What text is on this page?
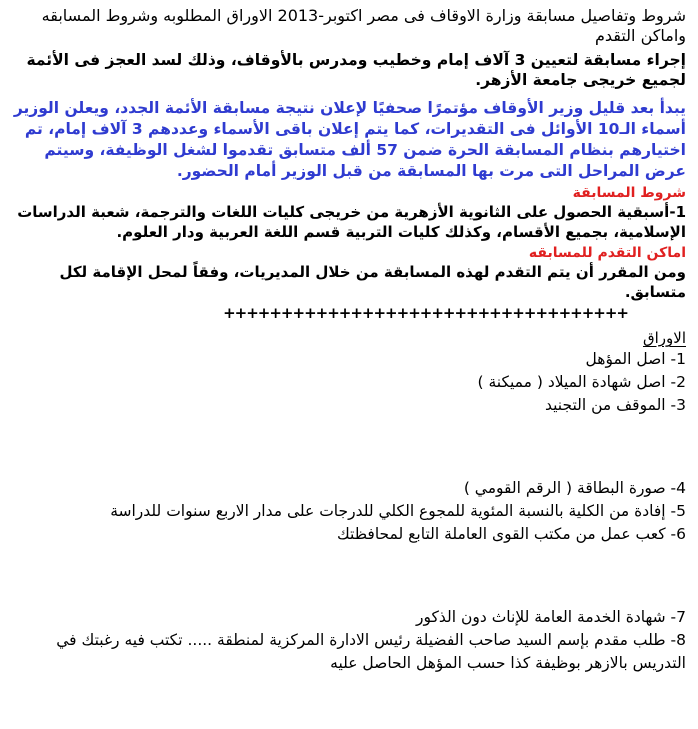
شروط وتفاصيل مسابقة وزارة الاوقاف فى مصر اكتوبر-2013 الاوراق المطلوبه وشروط المسابقه واماكن التقدم

إجراء مسابقة لتعيين 3 آلاف إمام وخطيب ومدرس بالأوقاف، وذلك لسد العجز فى الأئمة لجميع خريجى جامعة الأزهر.

يبدأ بعد قليل وزير الأوقاف مؤتمرًا صحفيًا لإعلان نتيجة مسابقة الأئمة الجدد، ويعلن الوزير أسماء الـ10 الأوائل فى التقديرات، كما يتم إعلان باقى الأسماء وعددهم 3 آلاف إمام، تم اختيارهم بنظام المسابقة الحرة ضمن 57 ألف متسابق تقدموا لشغل الوظيفة، وسيتم عرض المراحل التى مرت بها المسابقة من قبل الوزير أمام الحضور.

شروط المسابقة

1-أسبقية الحصول على الثانوية الأزهرية من خريجى كليات اللغات والترجمة، شعبة الدراسات الإسلامية، بجميع الأقسام، وكذلك كليات التربية قسم اللغة العربية ودار العلوم.

اماكن التقدم للمسابقه

ومن المقرر أن يتم التقدم لهذه المسابقة من خلال المديريات، وفقاً لمحل الإقامة لكل متسابق.

+++++++++++++++++++++++++++++++++++

الاوراق

1- اصل المؤهل

2- اصل شهادة الميلاد ( مميكنة )

3- الموقف من التجنيد

4- صورة البطاقة ( الرقم القومي )

5- إفادة من الكلية بالنسبة المئوية للمجوع الكلي للدرجات على مدار الاربع سنوات للدراسة

6- كعب عمل من مكتب القوى العاملة التابع لمحافظتك

7- شهادة الخدمة العامة للإناث دون الذكور

8- طلب مقدم بإسم السيد صاحب الفضيلة رئيس الادارة المركزية لمنطقة ..... تكتب فيه رغبتك في التدريس بالازهر بوظيفة كذا حسب المؤهل الحاصل عليه
